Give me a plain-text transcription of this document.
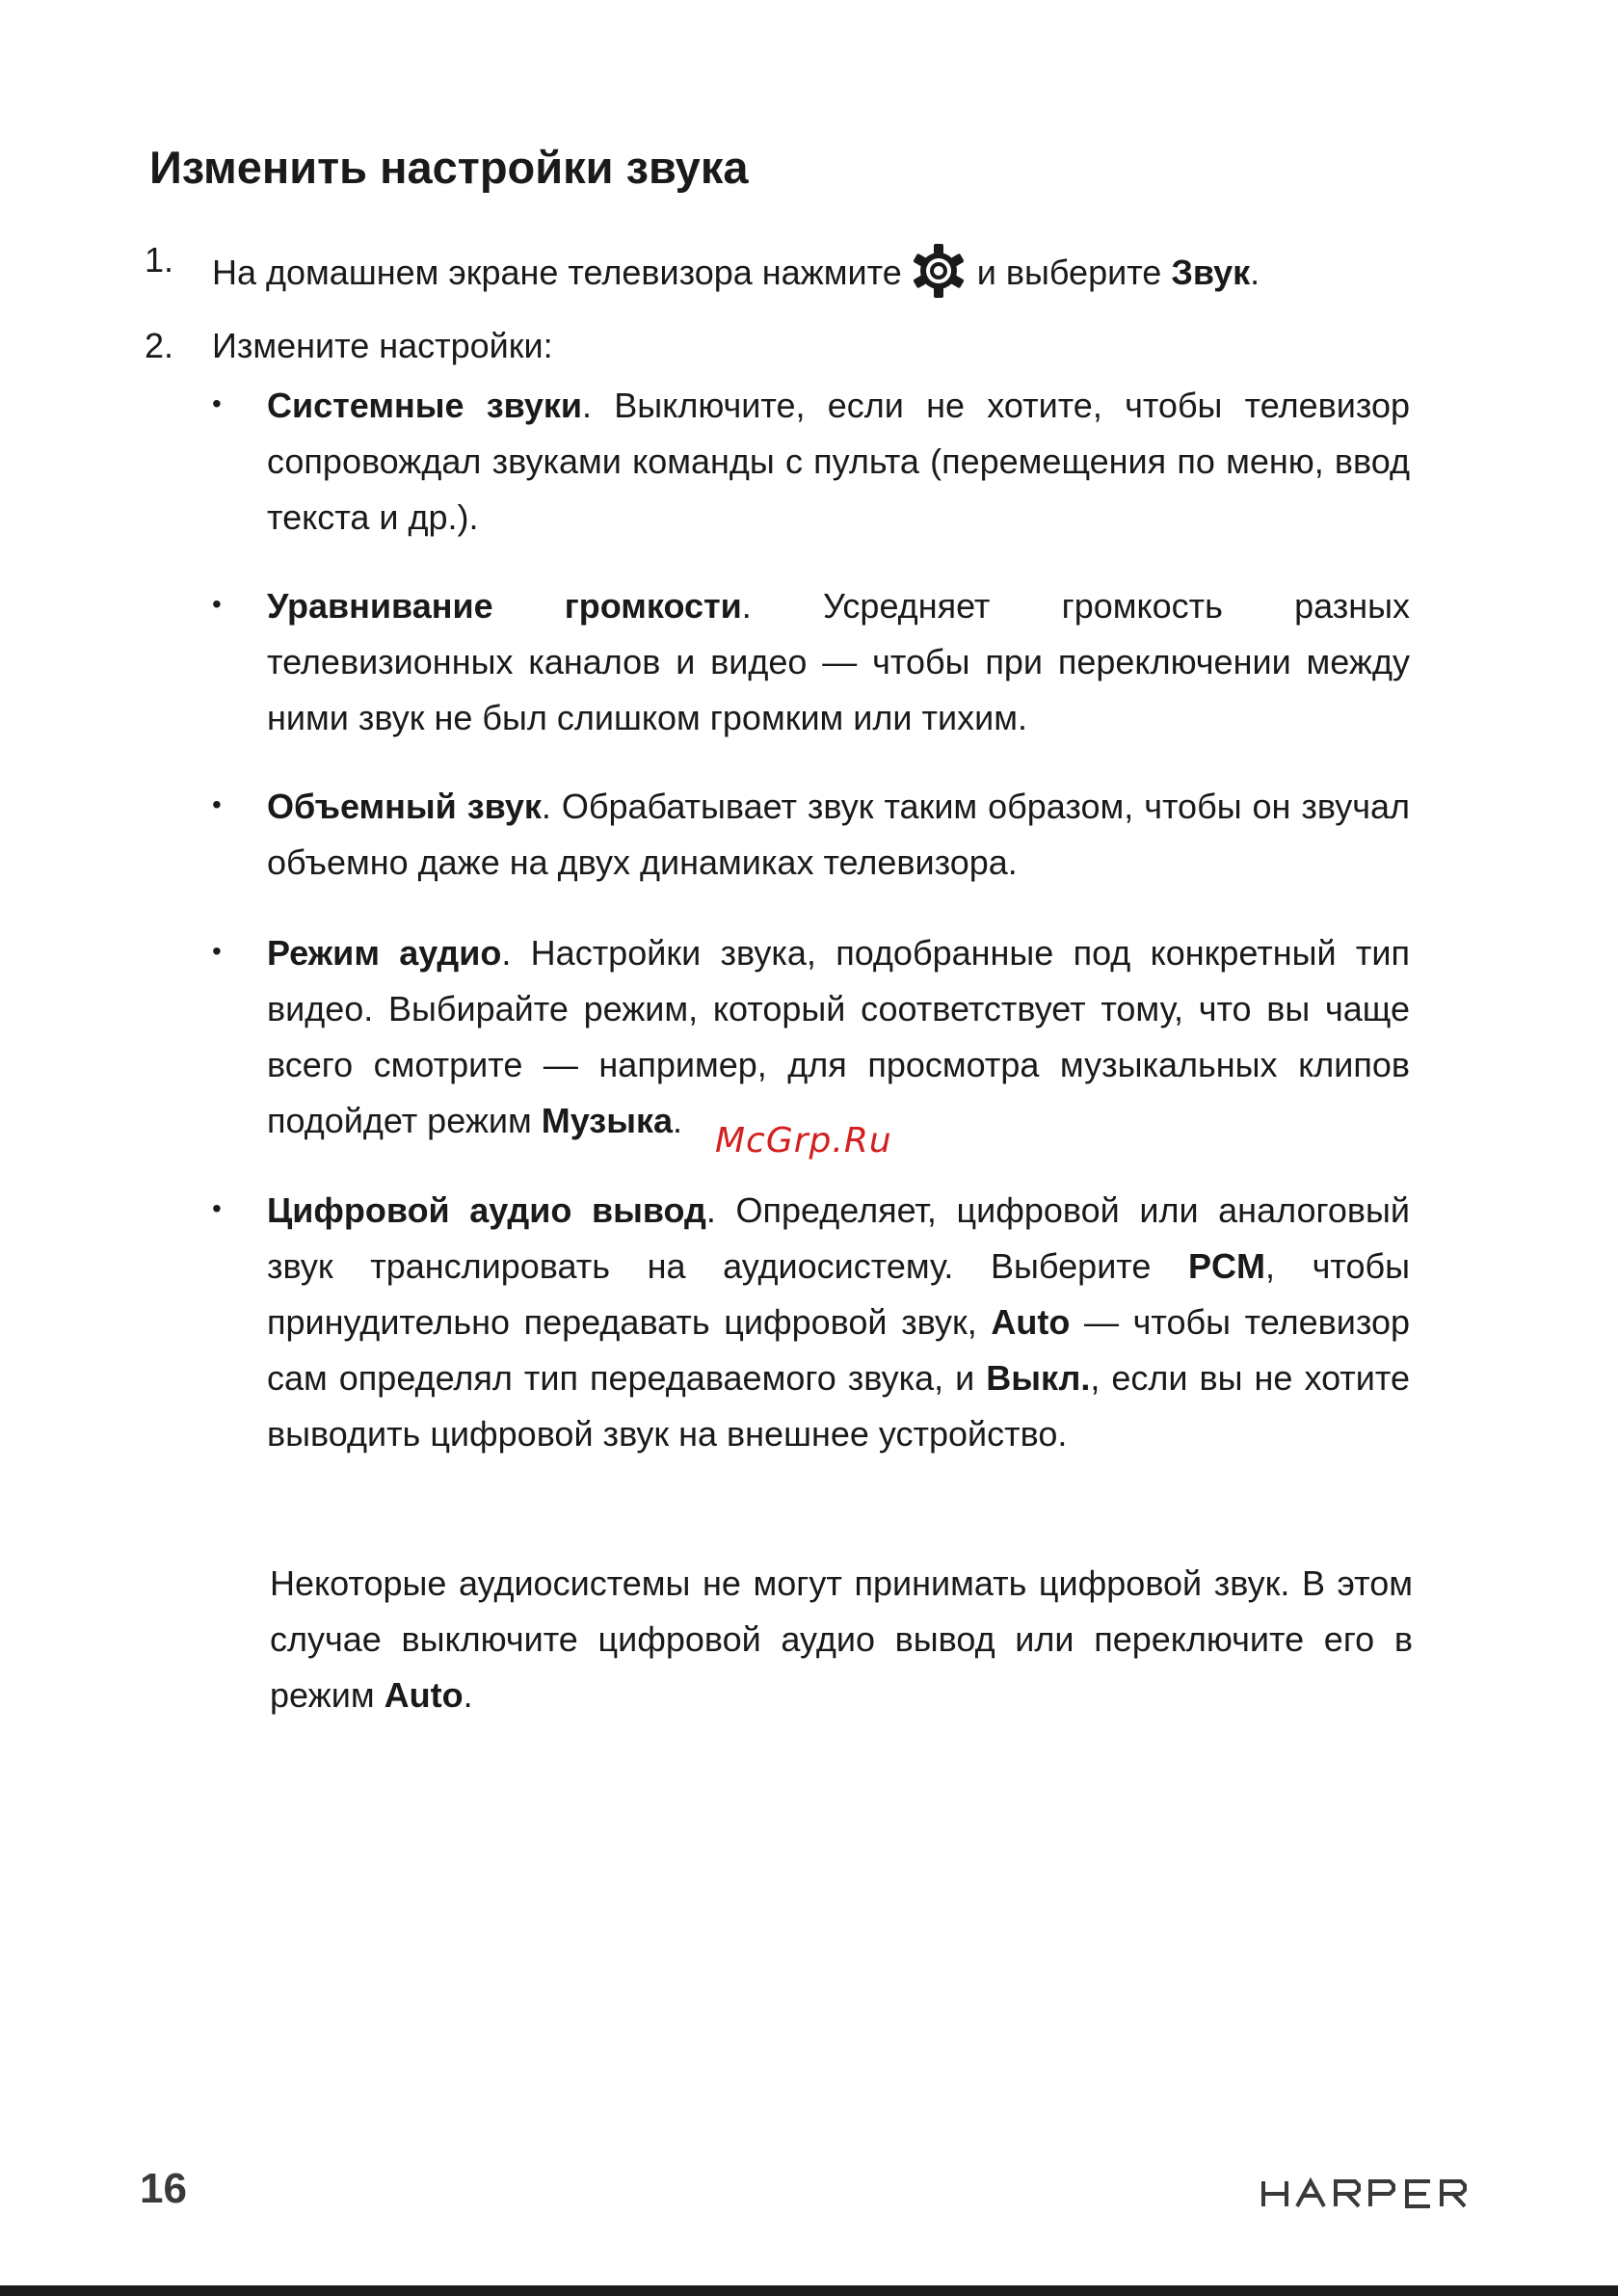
Изменить настройки звука
1. На домашнем экране телевизора нажмите и выберите Звук.
2. Измените настройки:
• Системные звуки. Выключите, если не хотите, чтобы телевизор сопровождал звуками команды с пульта (перемещения по меню, ввод текста и др.).
• Уравнивание громкости. Усредняет громкость разных телевизионных каналов и видео — чтобы при переключении между ними звук не был слишком громким или тихим.
• Объемный звук. Обрабатывает звук таким образом, чтобы он звучал объемно даже на двух динамиках телевизора.
• Режим аудио. Настройки звука, подобранные под конкретный тип видео. Выбирайте режим, который соответствует тому, что вы чаще всего смотрите — например, для просмотра музыкальных клипов подойдет режим Музыка.
• Цифровой аудио вывод. Определяет, цифровой или аналоговый звук транслировать на аудиосистему. Выберите PCM, чтобы принудительно передавать цифровой звук, Auto — чтобы телевизор сам определял тип передаваемого звука, и Выкл., если вы не хотите выводить цифровой звук на внешнее устройство.
Некоторые аудиосистемы не могут принимать цифровой звук. В этом случае выключите цифровой аудио вывод или переключите его в режим Auto.
McGrp.Ru
16
